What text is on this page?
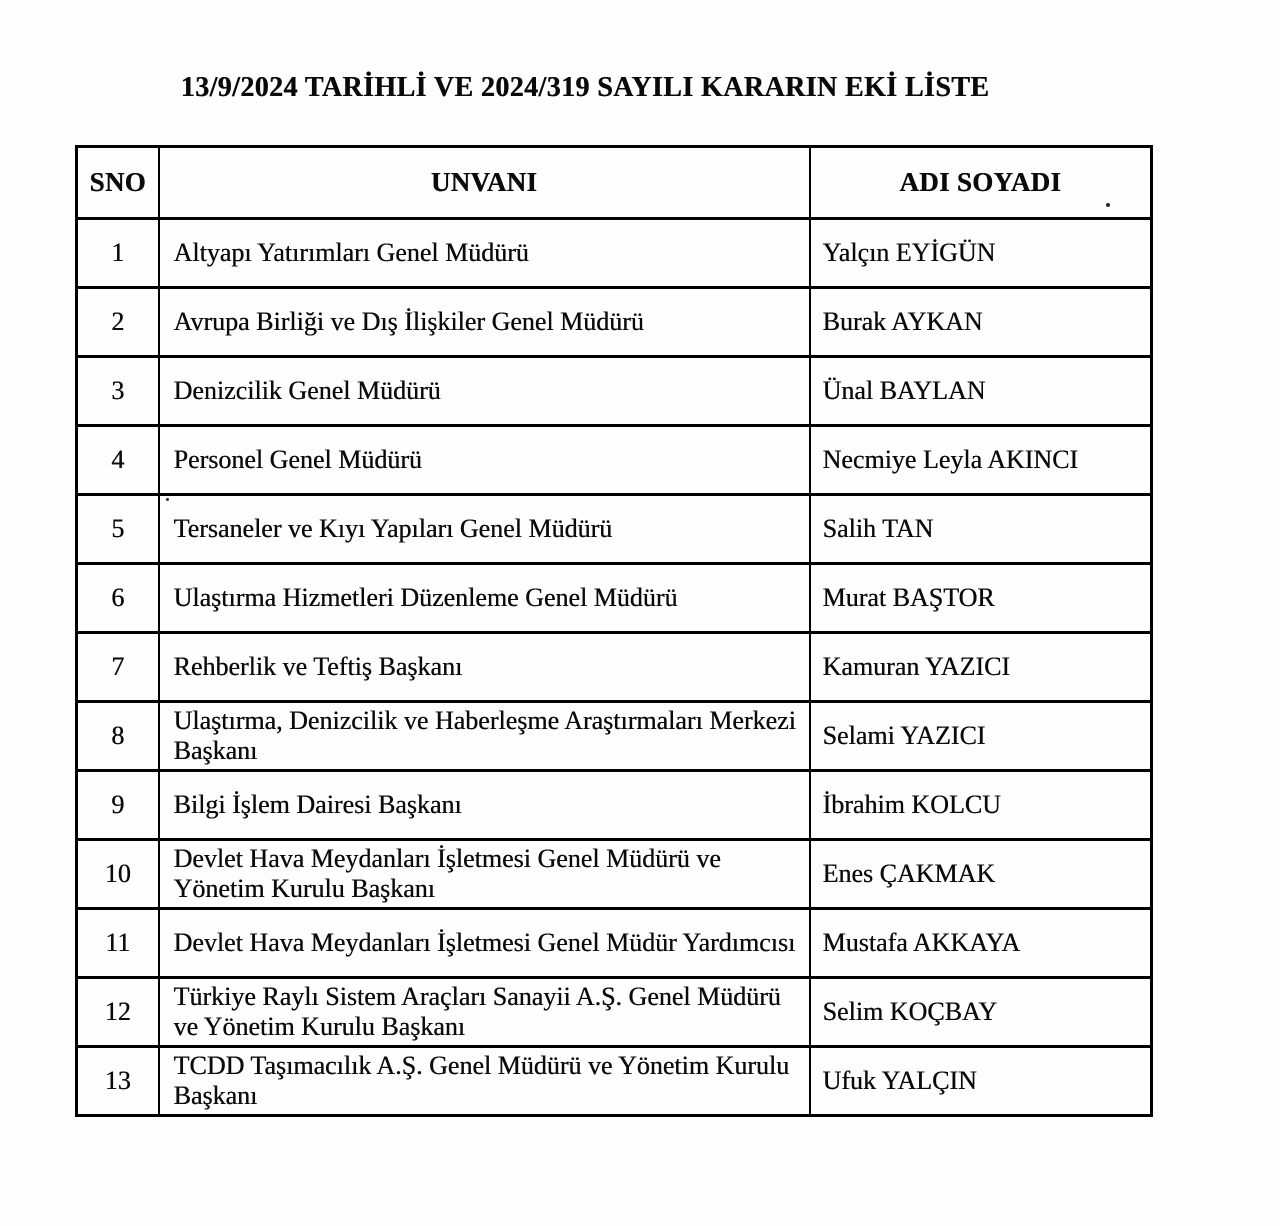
13/9/2024 TARİHLİ VE 2024/319 SAYILI KARARIN EKİ LİSTE
SNO	UNVANI	ADI SOYADI
1	Altyapı Yatırımları Genel Müdürü	Yalçın EYİGÜN
2	Avrupa Birliği ve Dış İlişkiler Genel Müdürü	Burak AYKAN
3	Denizcilik Genel Müdürü	Ünal BAYLAN
4	Personel Genel Müdürü	Necmiye Leyla AKINCI
5	Tersaneler ve Kıyı Yapıları Genel Müdürü	Salih TAN
6	Ulaştırma Hizmetleri Düzenleme Genel Müdürü	Murat BAŞTOR
7	Rehberlik ve Teftiş Başkanı	Kamuran YAZICI
8	Ulaştırma, Denizcilik ve Haberleşme Araştırmaları Merkezi Başkanı	Selami YAZICI
9	Bilgi İşlem Dairesi Başkanı	İbrahim KOLCU
10	Devlet Hava Meydanları İşletmesi Genel Müdürü ve Yönetim Kurulu Başkanı	Enes ÇAKMAK
11	Devlet Hava Meydanları İşletmesi Genel Müdür Yardımcısı	Mustafa AKKAYA
12	Türkiye Raylı Sistem Araçları Sanayii A.Ş. Genel Müdürü ve Yönetim Kurulu Başkanı	Selim KOÇBAY
13	TCDD Taşımacılık A.Ş. Genel Müdürü ve Yönetim Kurulu Başkanı	Ufuk YALÇIN
